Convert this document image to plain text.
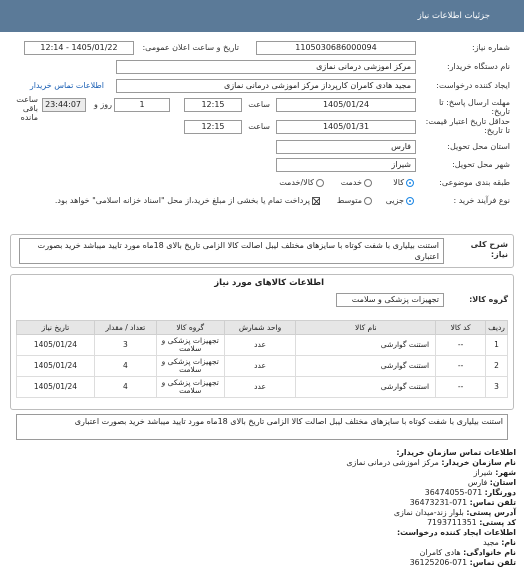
جزئیات اطلاعات نیاز
شماره نیاز:
1105030686000094
تاریخ و ساعت اعلان عمومی:
1405/01/22 - 12:14
نام دستگاه خریدار:
مرکز اموزشی درمانی نمازی
ایجاد کننده درخواست:
مجید هادی کامران کارپرداز مرکز اموزشی درمانی نمازی
اطلاعات تماس خریدار
مهلت ارسال پاسخ: تا تاریخ:
1405/01/24
ساعت
12:15
1
روز و
23:44:07
ساعت باقی مانده	حداقل تاریخ اعتبار قیمت: تا تاریخ:
1405/01/31
ساعت
12:15
استان محل تحویل:
فارس
شهر محل تحویل:
شیراز
طبقه بندی موضوعی:
کالا
خدمت
کالا/خدمت
نوع فرآیند خرید :
جزیی
متوسط
پرداخت تمام یا بخشی از مبلغ خرید،از محل "اسناد خزانه اسلامی" خواهد بود.
شرح کلی نیاز:
استنت بیلیاری با شفت کوتاه با سایزهای مختلف لیبل اصالت کالا الزامی تاریخ بالای 18ماه مورد تایید میباشد خرید بصورت اعتباری
اطلاعات کالاهای مورد نیاز
گروه کالا:
تجهیزات پزشکی و سلامت
ردیف	کد کالا	نام کالا	واحد شمارش	گروه کالا	تعداد / مقدار	تاریخ نیاز
1	--	استنت گوارشی	عدد	تجهیزات پزشکی و سلامت	3	1405/01/24
2	--	استنت گوارشی	عدد	تجهیزات پزشکی و سلامت	4	1405/01/24
3	--	استنت گوارشی	عدد	تجهیزات پزشکی و سلامت	4	1405/01/24
استنت بیلیاری با شفت کوتاه با سایزهای مختلف لیبل اصالت کالا الزامی تاریخ بالای 18ماه مورد تایید میباشد خرید بصورت اعتباری
اطلاعات تماس سازمان خریدار:
نام سازمان خریدار: مرکز اموزشی درمانی نمازی
شهر: شیراز
استان: فارس
دورنگار: 071-36474055
تلفن تماس: 071-36473231
آدرس پستی: بلوار زند-میدان نمازی
کد پستی: 7193711351
اطلاعات ایجاد کننده درخواست:
نام: مجید
نام خانوادگی: هادی کامران
تلفن تماس: 071-36125206
